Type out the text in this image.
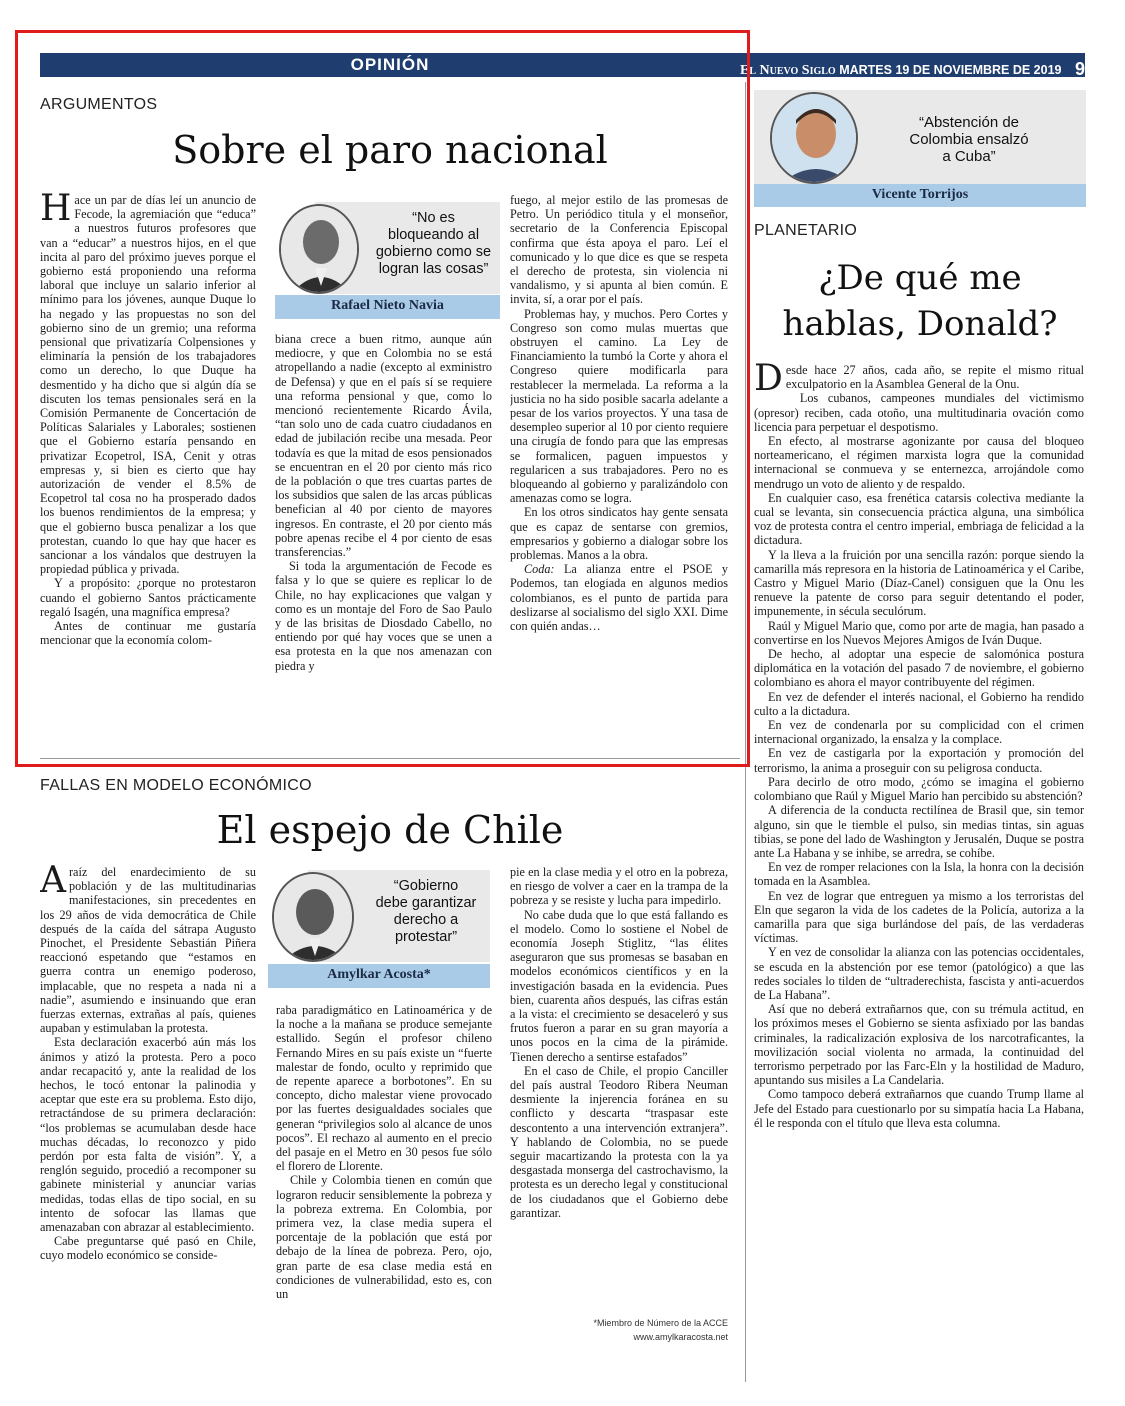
OPINIÓN	El Nuevo Siglo MARTES 19 DE NOVIEMBRE DE 2019 9A
ARGUMENTOS
Sobre el paro nacional

Hace un par de días leí un anuncio de Fecode, la agremiación que “educa” a nuestros futuros profesores que van a “educar” a nuestros hijos, en el que incita al paro del próximo jueves porque el gobierno está proponiendo una reforma laboral que incluye un salario inferior al mínimo para los jóvenes, aunque Duque lo ha negado y las propuestas no son del gobierno sino de un gremio; una reforma pensional que privatizaría Colpensiones y eliminaría la pensión de los trabajadores como un derecho, lo que Duque ha desmentido y ha dicho que si algún día se discuten los temas pensionales será en la Comisión Permanente de Concertación de Políticas Salariales y Laborales; sostienen que el Gobierno estaría pensando en privatizar Ecopetrol, ISA, Cenit y otras empresas y, si bien es cierto que hay autorización de vender el 8.5% de Ecopetrol tal cosa no ha prosperado dados los buenos rendimientos de la empresa; y que el gobierno busca penalizar a los que protestan, cuando lo que hay que hacer es sancionar a los vándalos que destruyen la propiedad pública y privada.

Y a propósito: ¿porque no protestaron cuando el gobierno Santos prácticamente regaló Isagén, una magnífica empresa?

Antes de continuar me gustaría mencionar que la economía colom-

“No es
bloqueando al
gobierno como se
logran las cosas”
Rafael Nieto Navia

biana crece a buen ritmo, aunque aún mediocre, y que en Colombia no se está atropellando a nadie (excepto al exministro de Defensa) y que en el país sí se requiere una reforma pensional y que, como lo mencionó recientemente Ricardo Ávila, “tan solo uno de cada cuatro ciudadanos en edad de jubilación recibe una mesada. Peor todavía es que la mitad de esos pensionados se encuentran en el 20 por ciento más rico de la población o que tres cuartas partes de los subsidios que salen de las arcas públicas benefician al 40 por ciento de mayores ingresos. En contraste, el 20 por ciento más pobre apenas recibe el 4 por ciento de esas transferencias.”

Si toda la argumentación de Fecode es falsa y lo que se quiere es replicar lo de Chile, no hay explicaciones que valgan y como es un montaje del Foro de Sao Paulo y de las brisitas de Diosdado Cabello, no entiendo por qué hay voces que se unen a esa protesta en la que nos amenazan con piedra y

fuego, al mejor estilo de las promesas de Petro. Un periódico titula y el monseñor, secretario de la Conferencia Episcopal confirma que ésta apoya el paro. Leí el comunicado y lo que dice es que se respeta el derecho de protesta, sin violencia ni vandalismo, y si apunta al bien común. E invita, sí, a orar por el país.

Problemas hay, y muchos. Pero Cortes y Congreso son como mulas muertas que obstruyen el camino. La Ley de Financiamiento la tumbó la Corte y ahora el Congreso quiere modificarla para restablecer la mermelada. La reforma a la justicia no ha sido posible sacarla adelante a pesar de los varios proyectos. Y una tasa de desempleo superior al 10 por ciento requiere una cirugía de fondo para que las empresas se formalicen, paguen impuestos y regularicen a sus trabajadores. Pero no es bloqueando al gobierno y paralizándolo con amenazas como se logra.

En los otros sindicatos hay gente sensata que es capaz de sentarse con gremios, empresarios y gobierno a dialogar sobre los problemas. Manos a la obra.

Coda: La alianza entre el PSOE y Podemos, tan elogiada en algunos medios colombianos, es el punto de partida para deslizarse al socialismo del siglo XXI. Dime con quién andas…

FALLAS EN MODELO ECONÓMICO
El espejo de Chile

Araíz del enardecimiento de su población y de las multitudinarias manifestaciones, sin precedentes en los 29 años de vida democrática de Chile después de la caída del sátrapa Augusto Pinochet, el Presidente Sebastián Piñera reaccionó espetando que “estamos en guerra contra un enemigo poderoso, implacable, que no respeta a nada ni a nadie”, asumiendo e insinuando que eran fuerzas externas, extrañas al país, quienes aupaban y estimulaban la protesta.

Esta declaración exacerbó aún más los ánimos y atizó la protesta. Pero a poco andar recapacitó y, ante la realidad de los hechos, le tocó entonar la palinodia y aceptar que este era su problema. Esto dijo, retractándose de su primera declaración: “los problemas se acumulaban desde hace muchas décadas, lo reconozco y pido perdón por esta falta de visión”. Y, a renglón seguido, procedió a recomponer su gabinete ministerial y anunciar varias medidas, todas ellas de tipo social, en su intento de sofocar las llamas que amenazaban con abrazar al establecimiento.

Cabe preguntarse qué pasó en Chile, cuyo modelo económico se conside-

“Gobierno
debe garantizar
derecho a
protestar”
Amylkar Acosta*

raba paradigmático en Latinoamérica y de la noche a la mañana se produce semejante estallido. Según el profesor chileno Fernando Mires en su país existe un “fuerte malestar de fondo, oculto y reprimido que de repente aparece a borbotones”. En su concepto, dicho malestar viene provocado por las fuertes desigualdades sociales que generan “privilegios solo al alcance de unos pocos”. El rechazo al aumento en el precio del pasaje en el Metro en 30 pesos fue sólo el florero de Llorente.

Chile y Colombia tienen en común que lograron reducir sensiblemente la pobreza y la pobreza extrema. En Colombia, por primera vez, la clase media supera el porcentaje de la población que está por debajo de la línea de pobreza. Pero, ojo, gran parte de esa clase media está en condiciones de vulnerabilidad, esto es, con un

pie en la clase media y el otro en la pobreza, en riesgo de volver a caer en la trampa de la pobreza y se resiste y lucha para impedirlo.

No cabe duda que lo que está fallando es el modelo. Como lo sostiene el Nobel de economía Joseph Stiglitz, “las élites aseguraron que sus promesas se basaban en modelos económicos científicos y en la investigación basada en la evidencia. Pues bien, cuarenta años después, las cifras están a la vista: el crecimiento se desaceleró y sus frutos fueron a parar en su gran mayoría a unos pocos en la cima de la pirámide. Tienen derecho a sentirse estafados”

En el caso de Chile, el propio Canciller del país austral Teodoro Ribera Neuman desmiente la injerencia foránea en su conflicto y descarta “traspasar este descontento a una intervención extranjera”. Y hablando de Colombia, no se puede seguir macartizando la protesta con la ya desgastada monserga del castrochavismo, la protesta es un derecho legal y constitucional de los ciudadanos que el Gobierno debe garantizar.

*Miembro de Número de la ACCE
www.amylkaracosta.net
“Abstención de
Colombia ensalzó
a Cuba”
Vicente Torrijos
PLANETARIO
¿De qué me
hablas, Donald?

Desde hace 27 años, cada año, se repite el mismo ritual exculpatorio en la Asamblea General de la Onu.

Los cubanos, campeones mundiales del victimismo (opresor) reciben, cada otoño, una multitudinaria ovación como licencia para perpetuar el despotismo.

En efecto, al mostrarse agonizante por causa del bloqueo norteamericano, el régimen marxista logra que la comunidad internacional se conmueva y se enternezca, arrojándole como mendrugo un voto de aliento y de respaldo.

En cualquier caso, esa frenética catarsis colectiva mediante la cual se levanta, sin consecuencia práctica alguna, una simbólica voz de protesta contra el centro imperial, embriaga de felicidad a la dictadura.

Y la lleva a la fruición por una sencilla razón: porque siendo la camarilla más represora en la historia de Latinoamérica y el Caribe, Castro y Miguel Mario (Díaz-Canel) consiguen que la Onu les renueve la patente de corso para seguir detentando el poder, impunemente, in sécula seculórum.

Raúl y Miguel Mario que, como por arte de magia, han pasado a convertirse en los Nuevos Mejores Amigos de Iván Duque.

De hecho, al adoptar una especie de salomónica postura diplomática en la votación del pasado 7 de noviembre, el gobierno colombiano es ahora el mayor contribuyente del régimen.

En vez de defender el interés nacional, el Gobierno ha rendido culto a la dictadura.

En vez de condenarla por su complicidad con el crimen internacional organizado, la ensalza y la complace.

En vez de castigarla por la exportación y promoción del terrorismo, la anima a proseguir con su peligrosa conducta.

Para decirlo de otro modo, ¿cómo se imagina el gobierno colombiano que Raúl y Miguel Mario han percibido su abstención?

A diferencia de la conducta rectilínea de Brasil que, sin temor alguno, sin que le tiemble el pulso, sin medias tintas, sin aguas tibias, se pone del lado de Washington y Jerusalén, Duque se postra ante La Habana y se inhibe, se arredra, se cohíbe.

En vez de romper relaciones con la Isla, la honra con la decisión tomada en la Asamblea.

En vez de lograr que entreguen ya mismo a los terroristas del Eln que segaron la vida de los cadetes de la Policía, autoriza a la camarilla para que siga burlándose del país, de las verdaderas víctimas.

Y en vez de consolidar la alianza con las potencias occidentales, se escuda en la abstención por ese temor (patológico) a que las redes sociales lo tilden de “ultraderechista, fascista y anti-acuerdos de La Habana”.

Así que no deberá extrañarnos que, con su trémula actitud, en los próximos meses el Gobierno se sienta asfixiado por las bandas criminales, la radicalización explosiva de los narcotraficantes, la movilización social violenta no armada, la continuidad del terrorismo perpetrado por las Farc-Eln y la hostilidad de Maduro, apuntando sus misiles a La Candelaria.

Como tampoco deberá extrañarnos que cuando Trump llame al Jefe del Estado para cuestionarlo por su simpatía hacia La Habana, él le responda con el título que lleva esta columna.
